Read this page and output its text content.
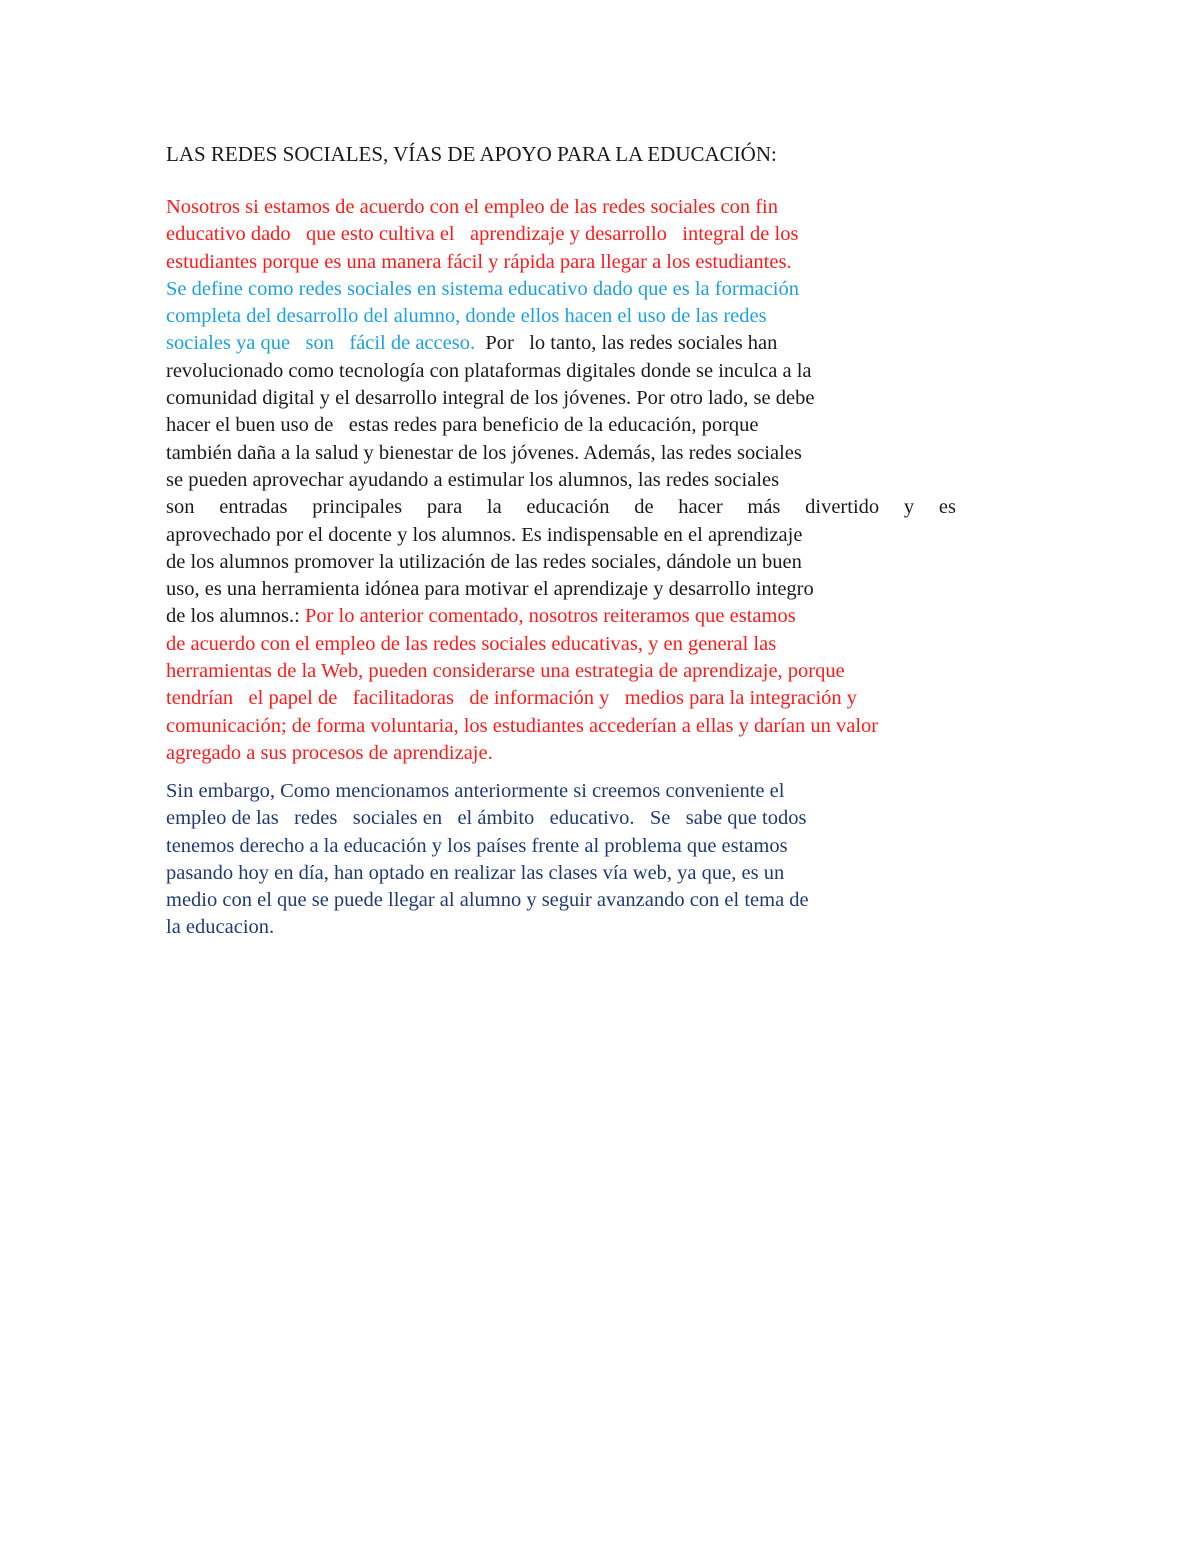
LAS REDES SOCIALES, VÍAS DE APOYO PARA LA EDUCACIÓN:
Nosotros si estamos de acuerdo con el empleo de las redes sociales con fin
educativo dado   que esto cultiva el   aprendizaje y desarrollo   integral de los
estudiantes porque es una manera fácil y rápida para llegar a los estudiantes.
Se define como redes sociales en sistema educativo dado que es la formación
completa del desarrollo del alumno, donde ellos hacen el uso de las redes
sociales ya que   son   fácil de acceso.  Por   lo tanto, las redes sociales han
revolucionado como tecnología con plataformas digitales donde se inculca a la
comunidad digital y el desarrollo integral de los jóvenes. Por otro lado, se debe
hacer el buen uso de   estas redes para beneficio de la educación, porque
también daña a la salud y bienestar de los jóvenes. Además, las redes sociales
se pueden aprovechar ayudando a estimular los alumnos, las redes sociales
son entradas principales para la educación de hacer más divertido y es
aprovechado por el docente y los alumnos. Es indispensable en el aprendizaje
de los alumnos promover la utilización de las redes sociales, dándole un buen
uso, es una herramienta idónea para motivar el aprendizaje y desarrollo integro
de los alumnos.: Por lo anterior comentado, nosotros reiteramos que estamos
de acuerdo con el empleo de las redes sociales educativas, y en general las
herramientas de la Web, pueden considerarse una estrategia de aprendizaje, porque
tendrían   el papel de   facilitadoras   de información y   medios para la integración y
comunicación; de forma voluntaria, los estudiantes accederían a ellas y darían un valor
agregado a sus procesos de aprendizaje.
Sin embargo, Como mencionamos anteriormente si creemos conveniente el
empleo de las   redes   sociales en   el ámbito   educativo.   Se   sabe que todos
tenemos derecho a la educación y los países frente al problema que estamos
pasando hoy en día, han optado en realizar las clases vía web, ya que, es un
medio con el que se puede llegar al alumno y seguir avanzando con el tema de
la educacion.
